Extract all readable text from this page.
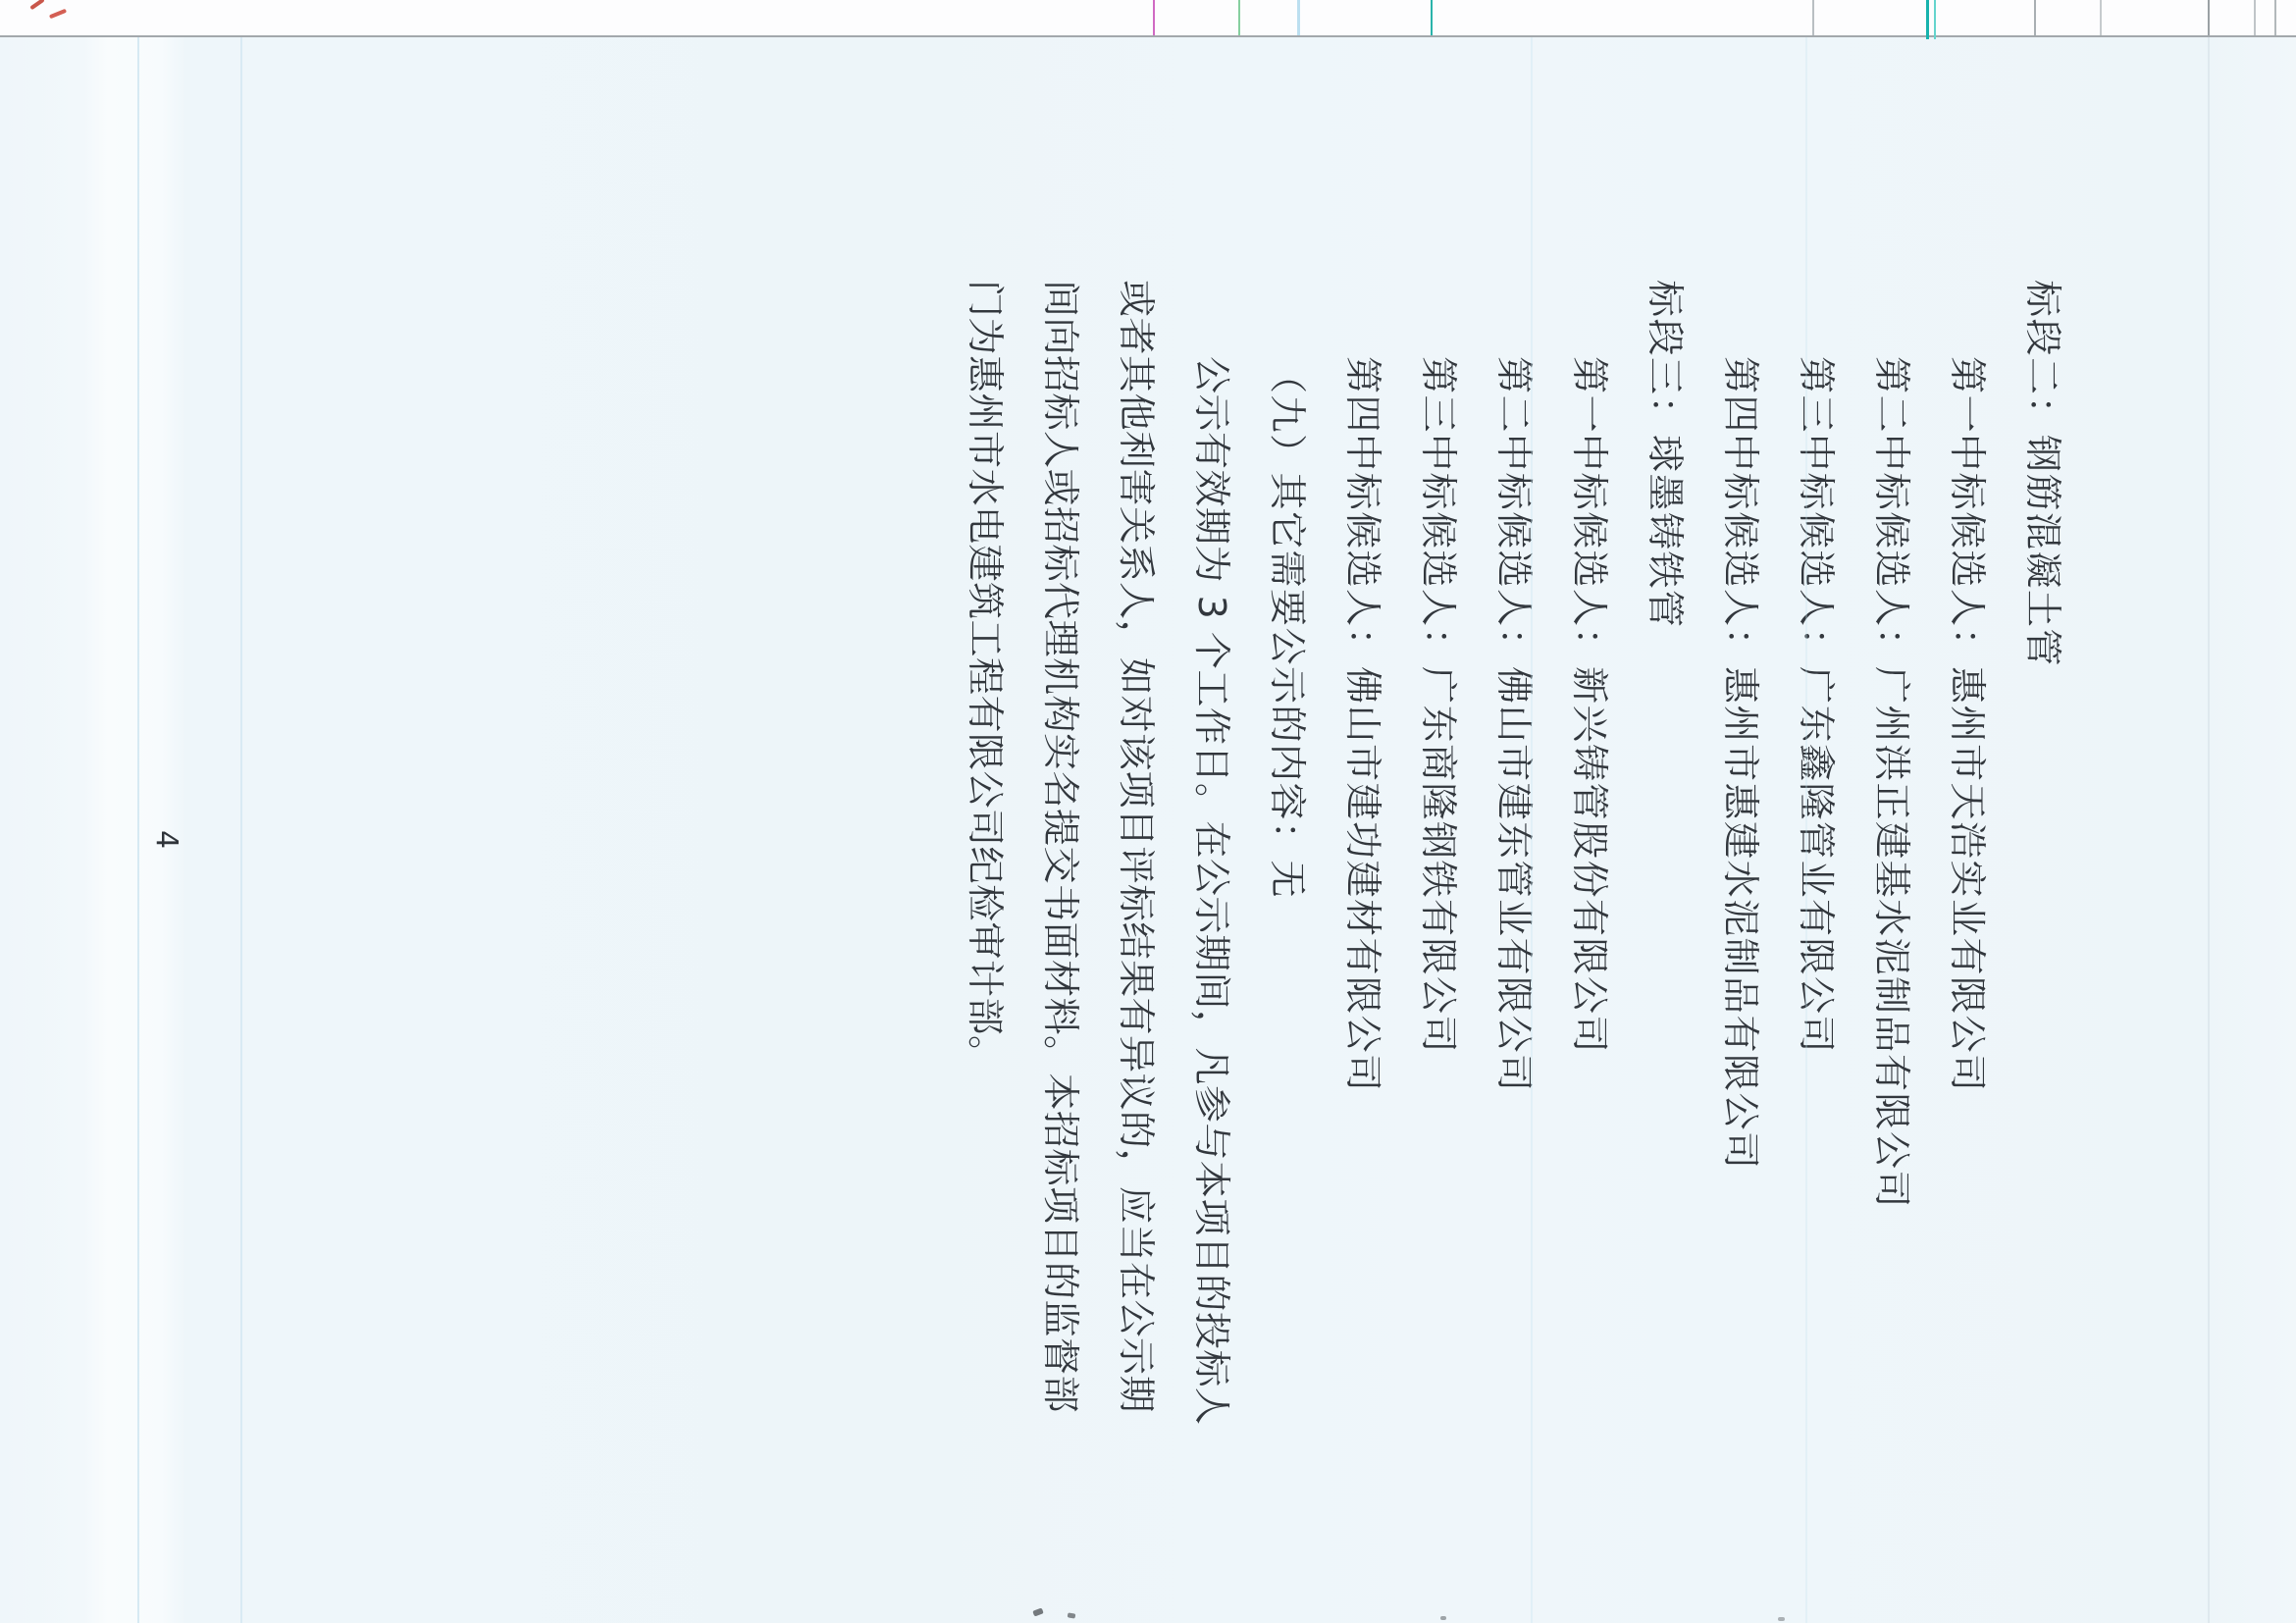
标段二：钢筋混凝土管
第一中标候选人：惠州市天浩实业有限公司
第二中标候选人：广州洪正建基水泥制品有限公司
第三中标候选人：广东鑫隆管业有限公司
第四中标候选人：惠州市惠建水泥制品有限公司
标段三：球墨铸铁管
第一中标候选人：新兴铸管股份有限公司
第二中标候选人：佛山市建东管业有限公司
第三中标候选人：广东商隆钢铁有限公司
第四中标候选人：佛山市建功建材有限公司
（九）其它需要公示的内容：无
公示有效期为 3 个工作日。在公示期间，凡参与本项目的投标人
或者其他利害关系人，如对该项目评标结果有异议的，应当在公示期
间向招标人或招标代理机构实名提交书面材料。本招标项目的监督部
门为惠州市水电建筑工程有限公司纪检审计部。
4
